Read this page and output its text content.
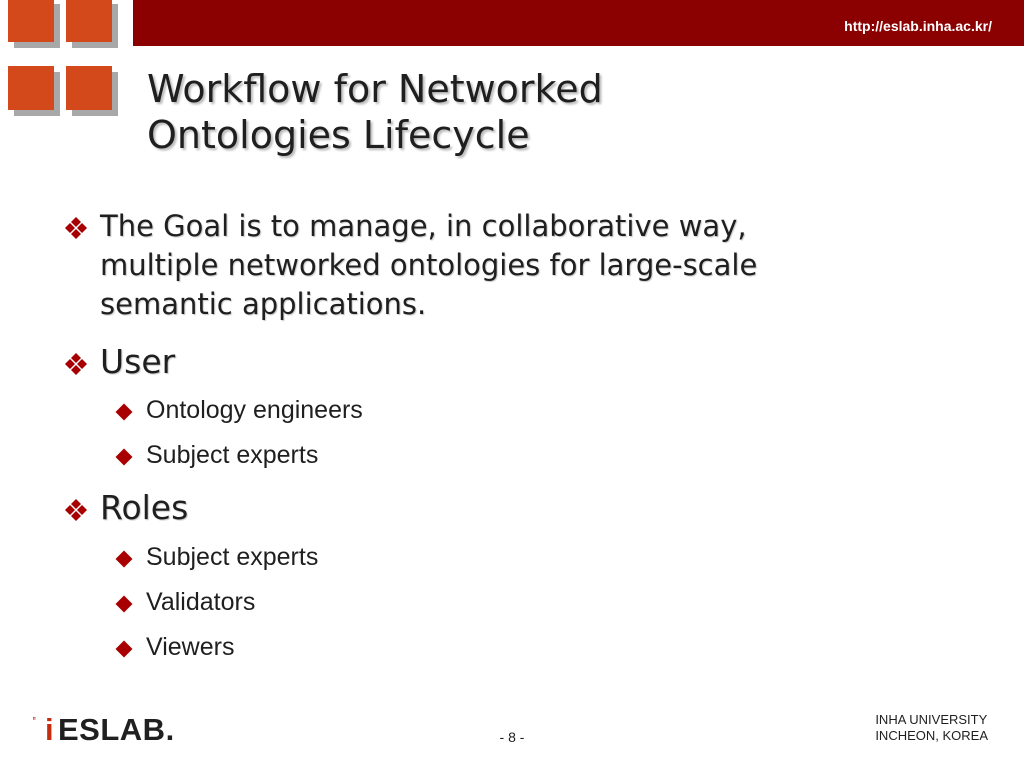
http://eslab.inha.ac.kr/
Workflow for Networked
Ontologies Lifecycle
The Goal is to manage, in collaborative way,
multiple networked ontologies for large-scale
semantic applications.
User
Ontology engineers
Subject experts
Roles
Subject experts
Validators
Viewers
i ESLAB.	- 8 -
INHA UNIVERSITY
INCHEON, KOREA
